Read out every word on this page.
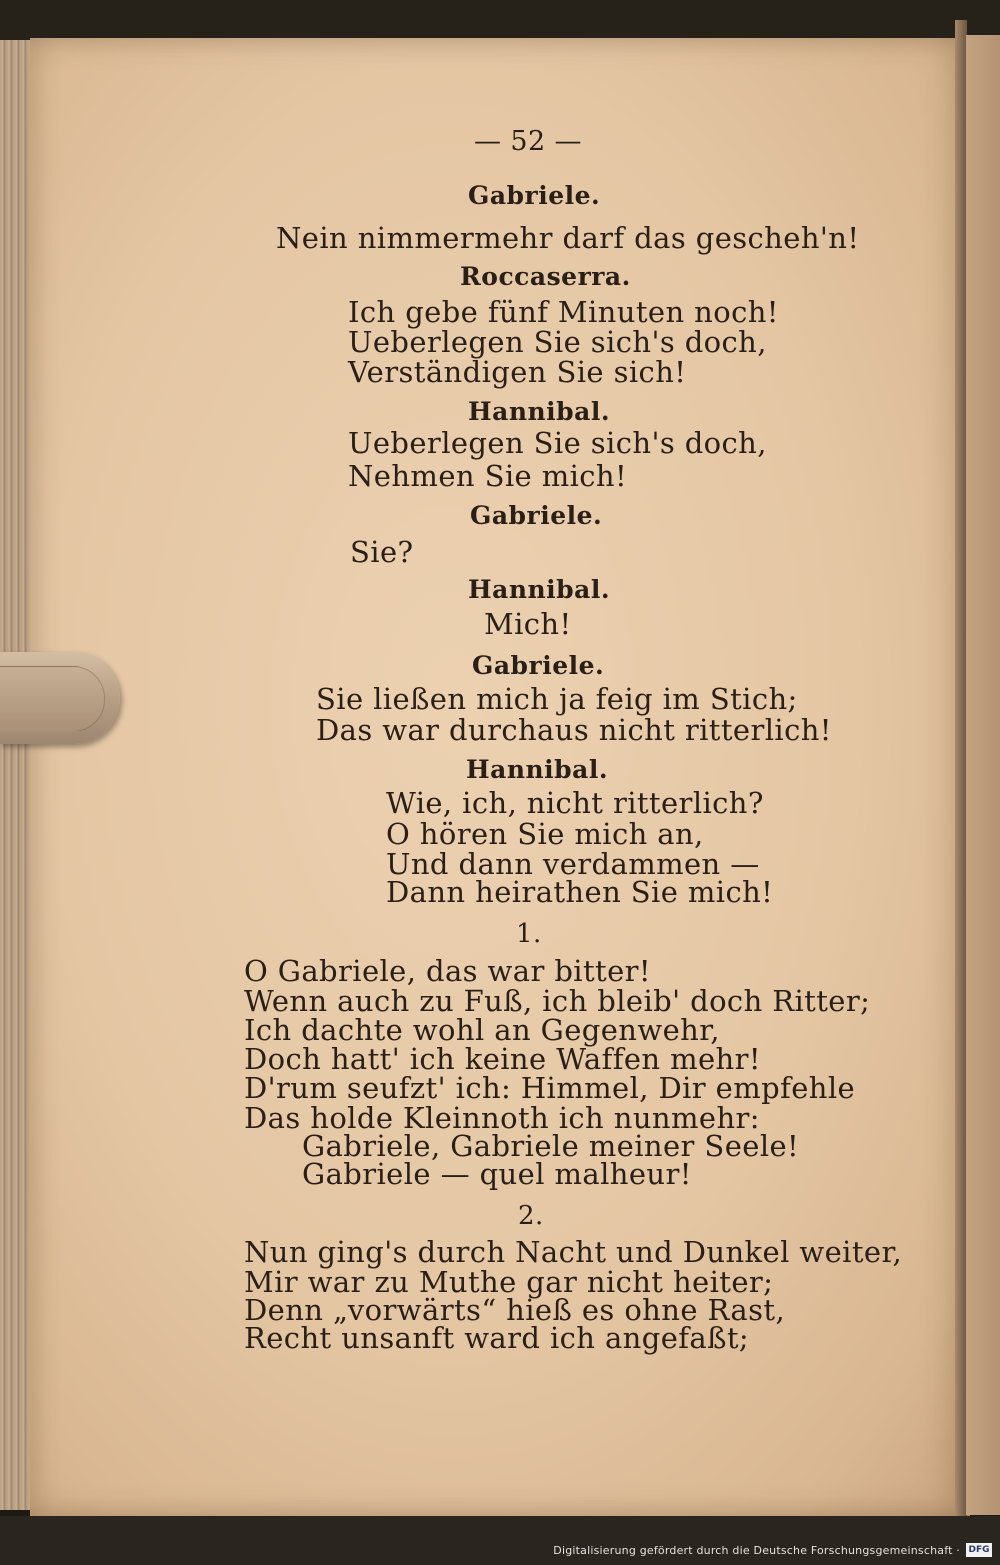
— 52 —
Gabriele.
Nein nimmermehr darf das gescheh'n!
Roccaserra.
Ich gebe fünf Minuten noch!
Ueberlegen Sie sich's doch,
Verständigen Sie sich!
Hannibal.
Ueberlegen Sie sich's doch,
Nehmen Sie mich!
Gabriele.
Sie?
Hannibal.
Mich!
Gabriele.
Sie ließen mich ja feig im Stich;
Das war durchaus nicht ritterlich!
Hannibal.
Wie, ich, nicht ritterlich?
O hören Sie mich an,
Und dann verdammen —
Dann heirathen Sie mich!
1.
O Gabriele, das war bitter!
Wenn auch zu Fuß, ich bleib' doch Ritter;
Ich dachte wohl an Gegenwehr,
Doch hatt' ich keine Waffen mehr!
D'rum seufzt' ich: Himmel, Dir empfehle
Das holde Kleinnoth ich nunmehr:
Gabriele, Gabriele meiner Seele!
Gabriele — quel malheur!
2.
Nun ging's durch Nacht und Dunkel weiter,
Mir war zu Muthe gar nicht heiter;
Denn „vorwärts“ hieß es ohne Rast,
Recht unsanft ward ich angefaßt;
Digitalisierung gefördert durch die Deutsche Forschungsgemeinschaft · DFG
